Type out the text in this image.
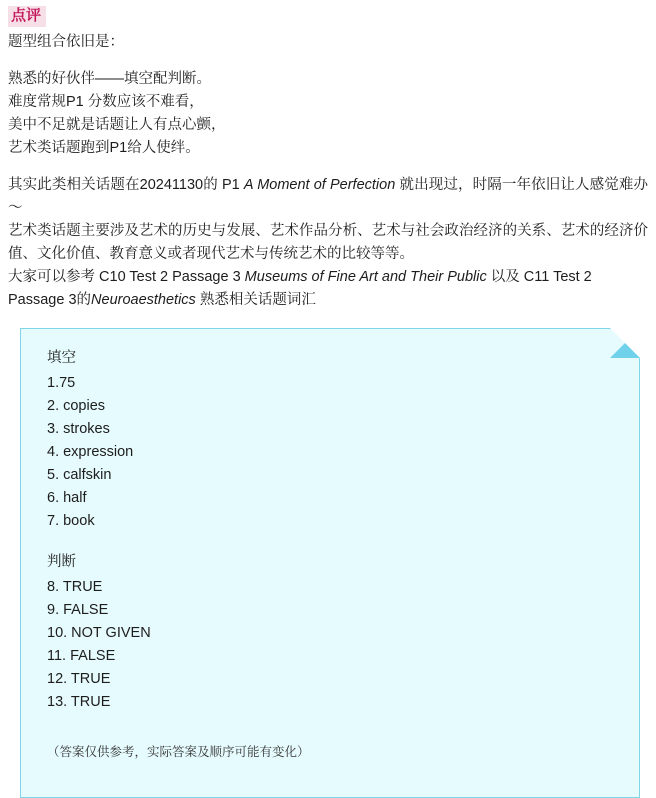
点评

题型组合依旧是：

熟悉的好伙伴——填空配判断。

难度常规P1 分数应该不难看，

美中不足就是话题让人有点心颤，

艺术类话题跑到P1给人使绊。

其实此类相关话题在20241130的 P1 A Moment of Perfection 就出现过，时隔一年依旧让人感觉难办～

艺术类话题主要涉及艺术的历史与发展、艺术作品分析、艺术与社会政治经济的关系、艺术的经济价值、文化价值、教育意义或者现代艺术与传统艺术的比较等等。

大家可以参考 C10 Test 2 Passage 3 Museums of Fine Art and Their Public 以及 C11 Test 2 Passage 3的Neuroaesthetics 熟悉相关话题词汇

填空

1.75

2. copies

3. strokes

4. expression

5. calfskin

6. half

7. book

判断

8. TRUE

9. FALSE

10. NOT GIVEN

11. FALSE

12. TRUE

13. TRUE

（答案仅供参考，实际答案及顺序可能有变化）
